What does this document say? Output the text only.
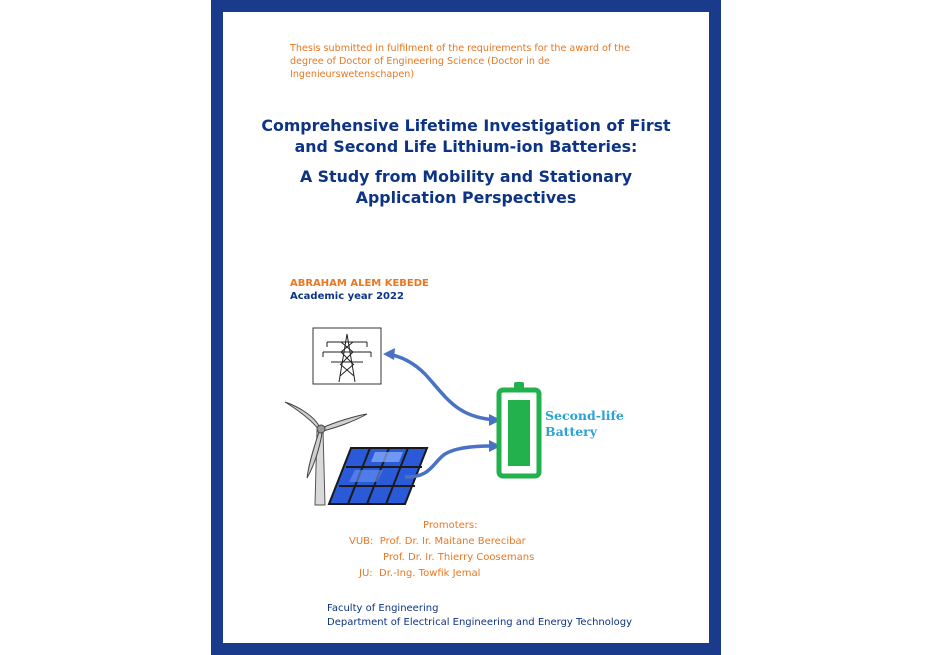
Thesis submitted in fulfilment of the requirements for the award of the
degree of Doctor of Engineering Science (Doctor in de
Ingenieurswetenschapen)
Comprehensive Lifetime Investigation of First
and Second Life Lithium-ion Batteries:
A Study from Mobility and Stationary
Application Perspectives
ABRAHAM ALEM KEBEDE
Academic year 2022
Second-life
Battery
Promoters:
VUB:  Prof. Dr. Ir. Maitane Berecibar
Prof. Dr. Ir. Thierry Coosemans
JU:  Dr.-Ing. Towfik Jemal
Faculty of Engineering
Department of Electrical Engineering and Energy Technology
